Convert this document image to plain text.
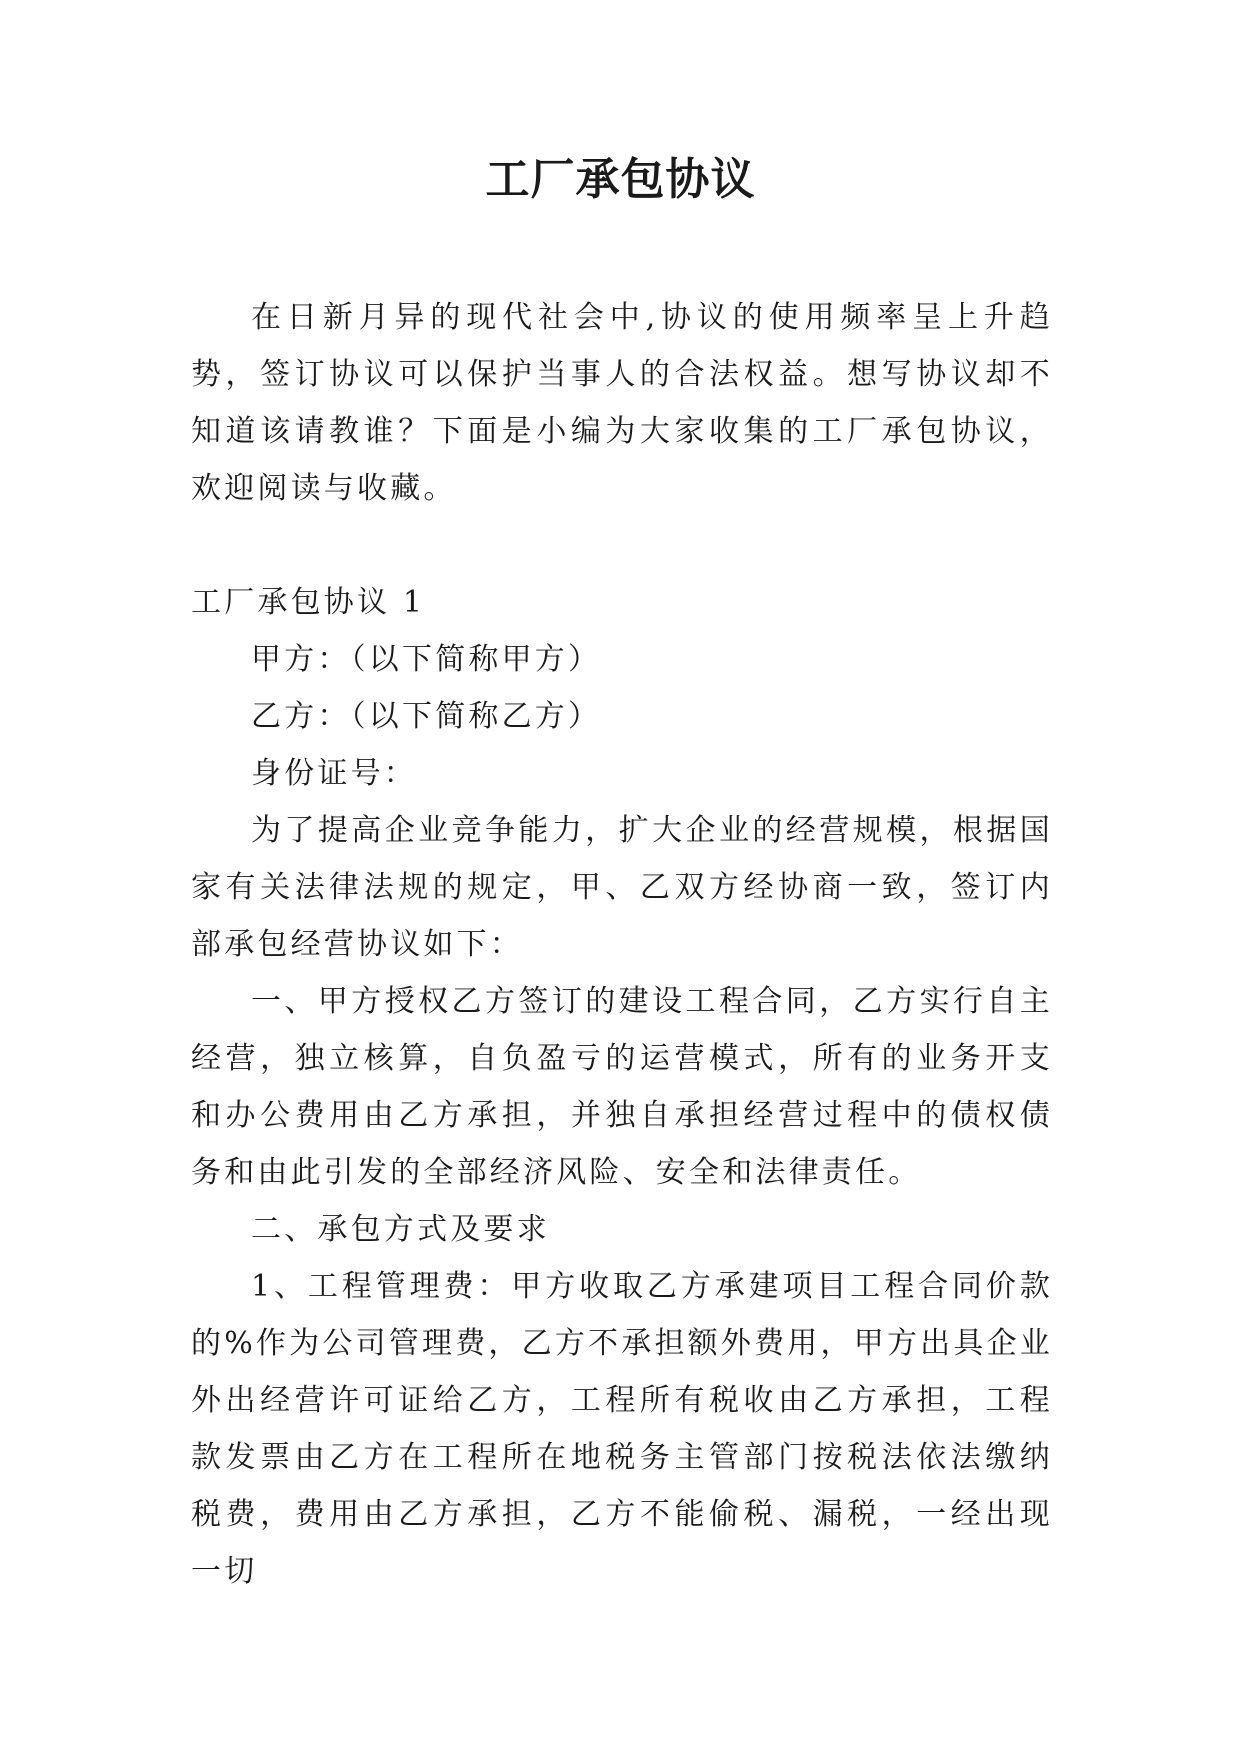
工厂承包协议

在日新月异的现代社会中,协议的使用频率呈上升趋势，签订协议可以保护当事人的合法权益。想写协议却不知道该请教谁？下面是小编为大家收集的工厂承包协议，欢迎阅读与收藏。

工厂承包协议 1

甲方：（以下简称甲方）

乙方：（以下简称乙方）

身份证号：

为了提高企业竞争能力，扩大企业的经营规模，根据国家有关法律法规的规定，甲、乙双方经协商一致，签订内部承包经营协议如下：

一、甲方授权乙方签订的建设工程合同，乙方实行自主经营，独立核算，自负盈亏的运营模式，所有的业务开支和办公费用由乙方承担，并独自承担经营过程中的债权债务和由此引发的全部经济风险、安全和法律责任。

二、承包方式及要求

1、工程管理费：甲方收取乙方承建项目工程合同价款的%作为公司管理费，乙方不承担额外费用，甲方出具企业外出经营许可证给乙方，工程所有税收由乙方承担，工程款发票由乙方在工程所在地税务主管部门按税法依法缴纳税费，费用由乙方承担，乙方不能偷税、漏税，一经出现一切
